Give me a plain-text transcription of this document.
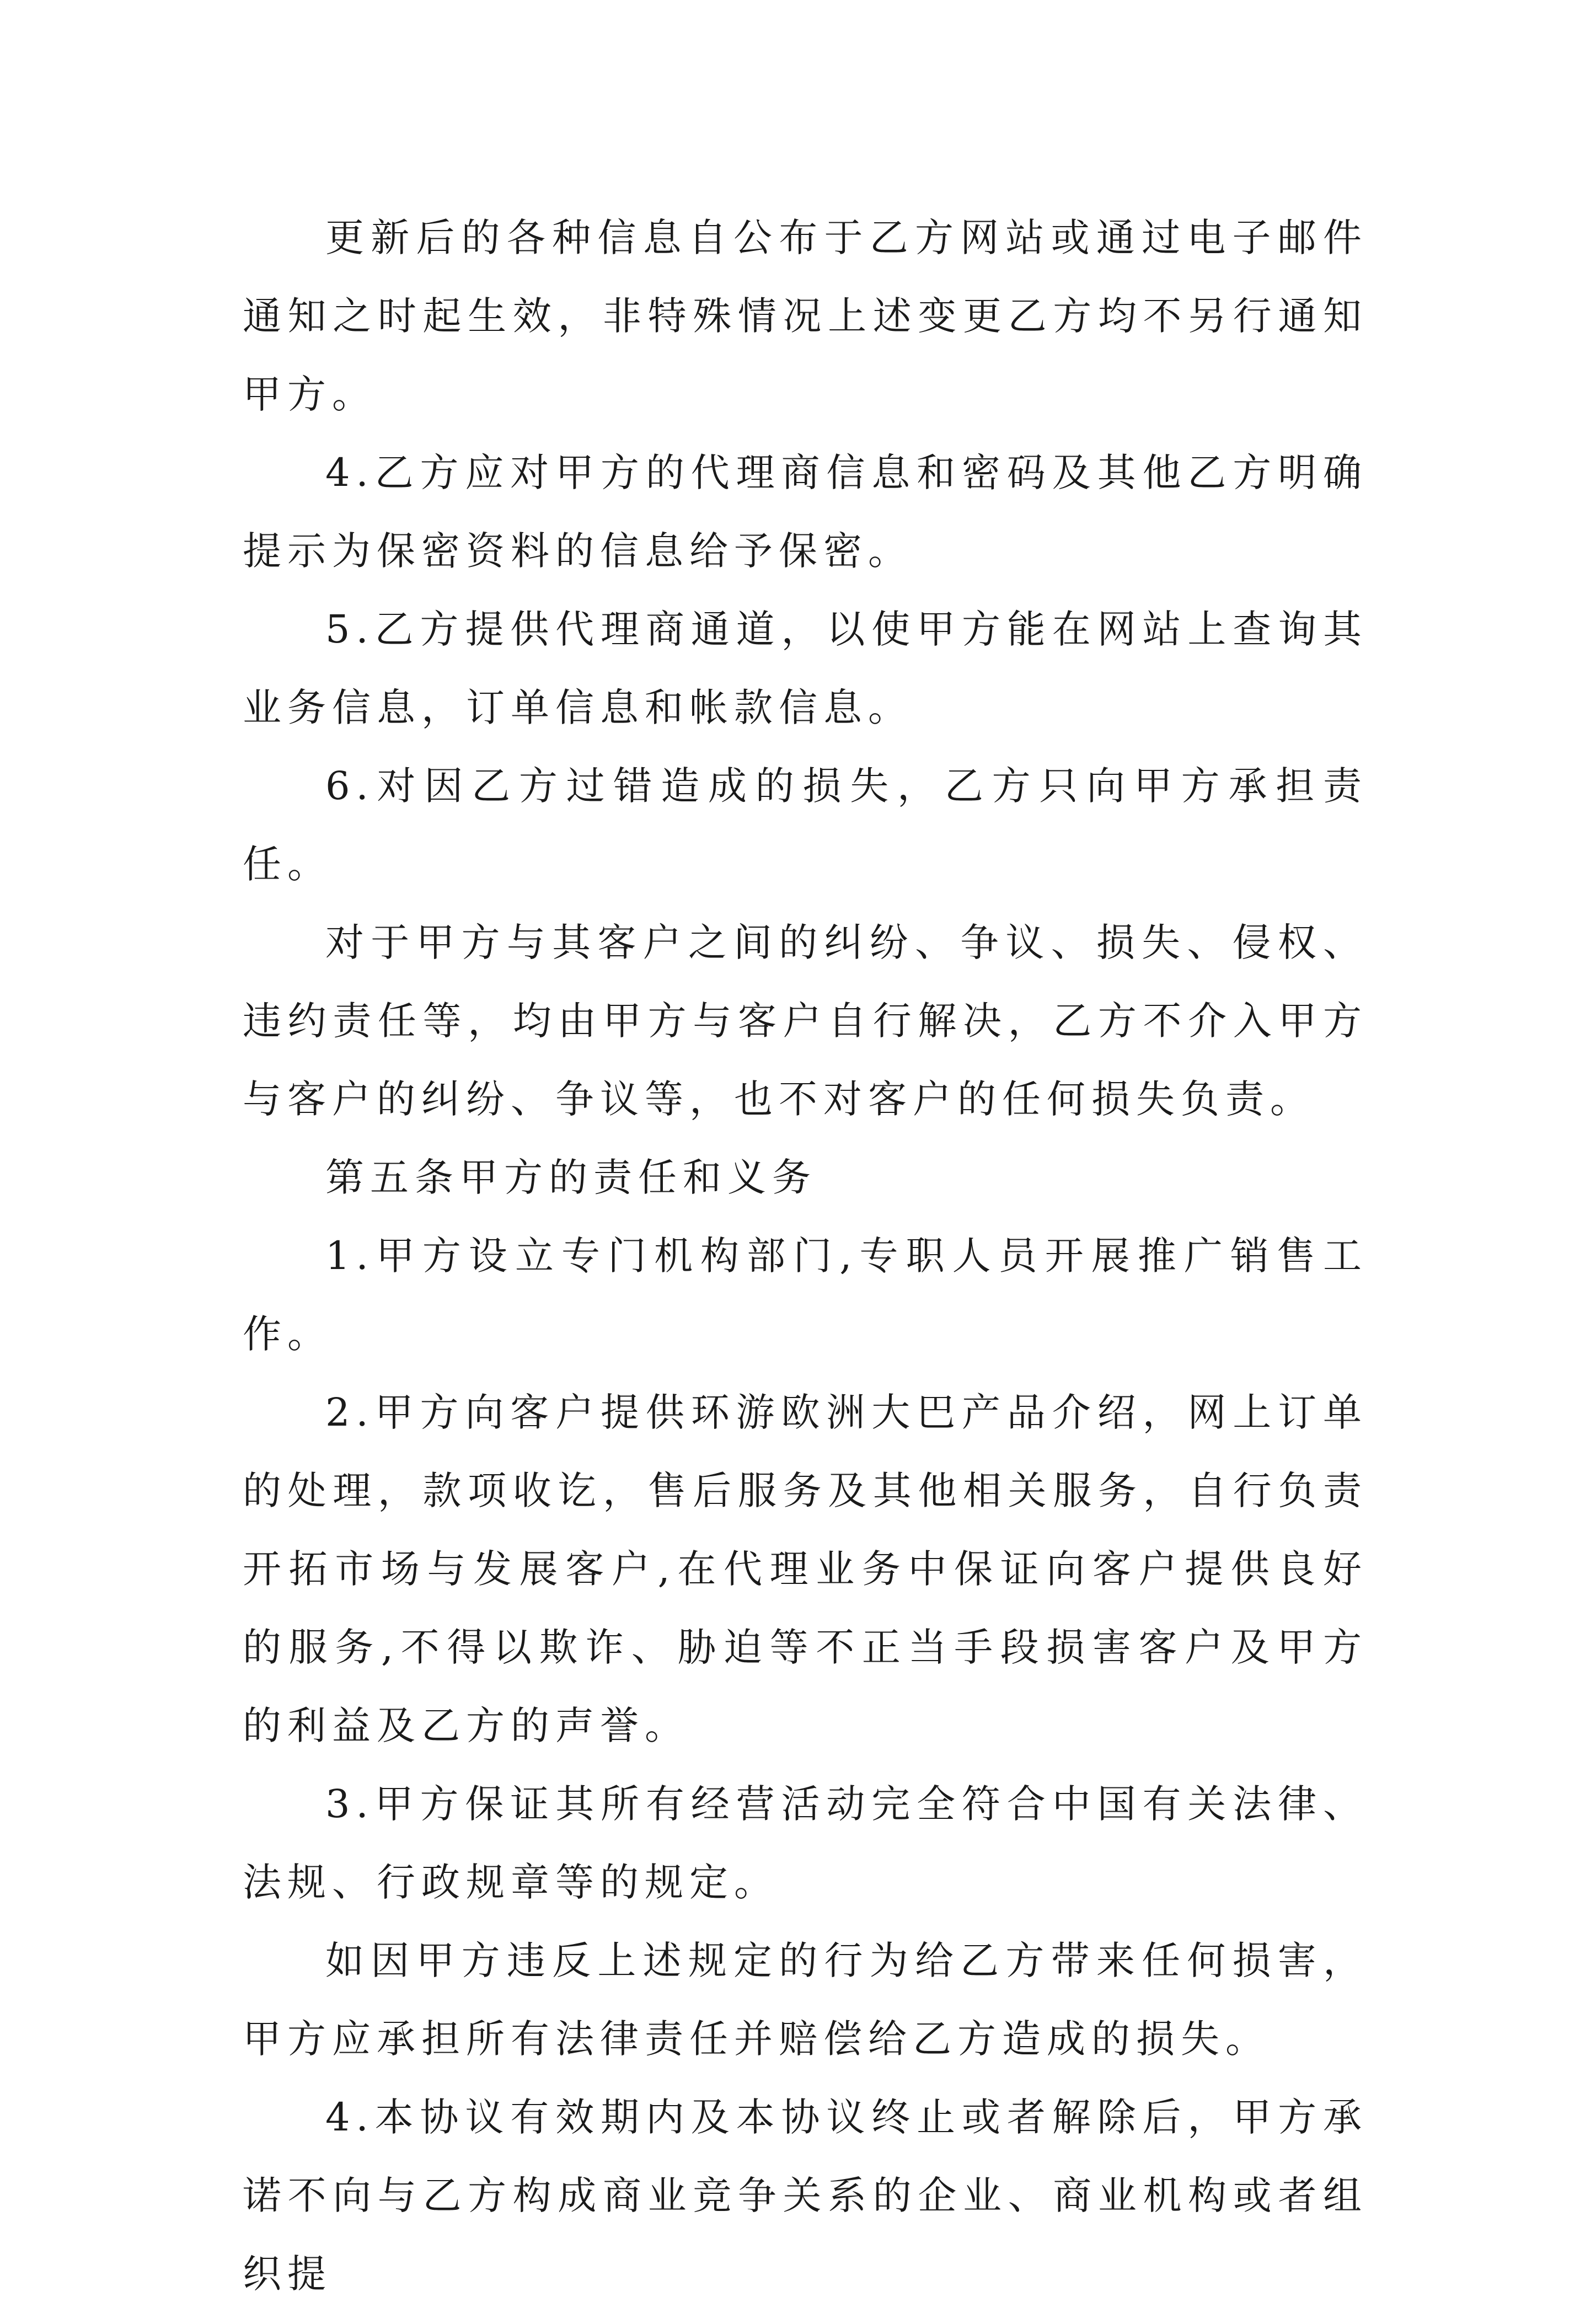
更新后的各种信息自公布于乙方网站或通过电子邮件通知之时起生效，非特殊情况上述变更乙方均不另行通知甲方。

4.乙方应对甲方的代理商信息和密码及其他乙方明确提示为保密资料的信息给予保密。

5.乙方提供代理商通道，以使甲方能在网站上查询其业务信息，订单信息和帐款信息。

6.对因乙方过错造成的损失，乙方只向甲方承担责任。

对于甲方与其客户之间的纠纷、争议、损失、侵权、违约责任等，均由甲方与客户自行解决，乙方不介入甲方与客户的纠纷、争议等，也不对客户的任何损失负责。

第五条甲方的责任和义务

1.甲方设立专门机构部门,专职人员开展推广销售工作。

2.甲方向客户提供环游欧洲大巴产品介绍，网上订单的处理，款项收讫，售后服务及其他相关服务，自行负责开拓市场与发展客户,在代理业务中保证向客户提供良好的服务,不得以欺诈、胁迫等不正当手段损害客户及甲方的利益及乙方的声誉。

3.甲方保证其所有经营活动完全符合中国有关法律、法规、行政规章等的规定。

如因甲方违反上述规定的行为给乙方带来任何损害，甲方应承担所有法律责任并赔偿给乙方造成的损失。

4.本协议有效期内及本协议终止或者解除后，甲方承诺不向与乙方构成商业竞争关系的企业、商业机构或者组织提
